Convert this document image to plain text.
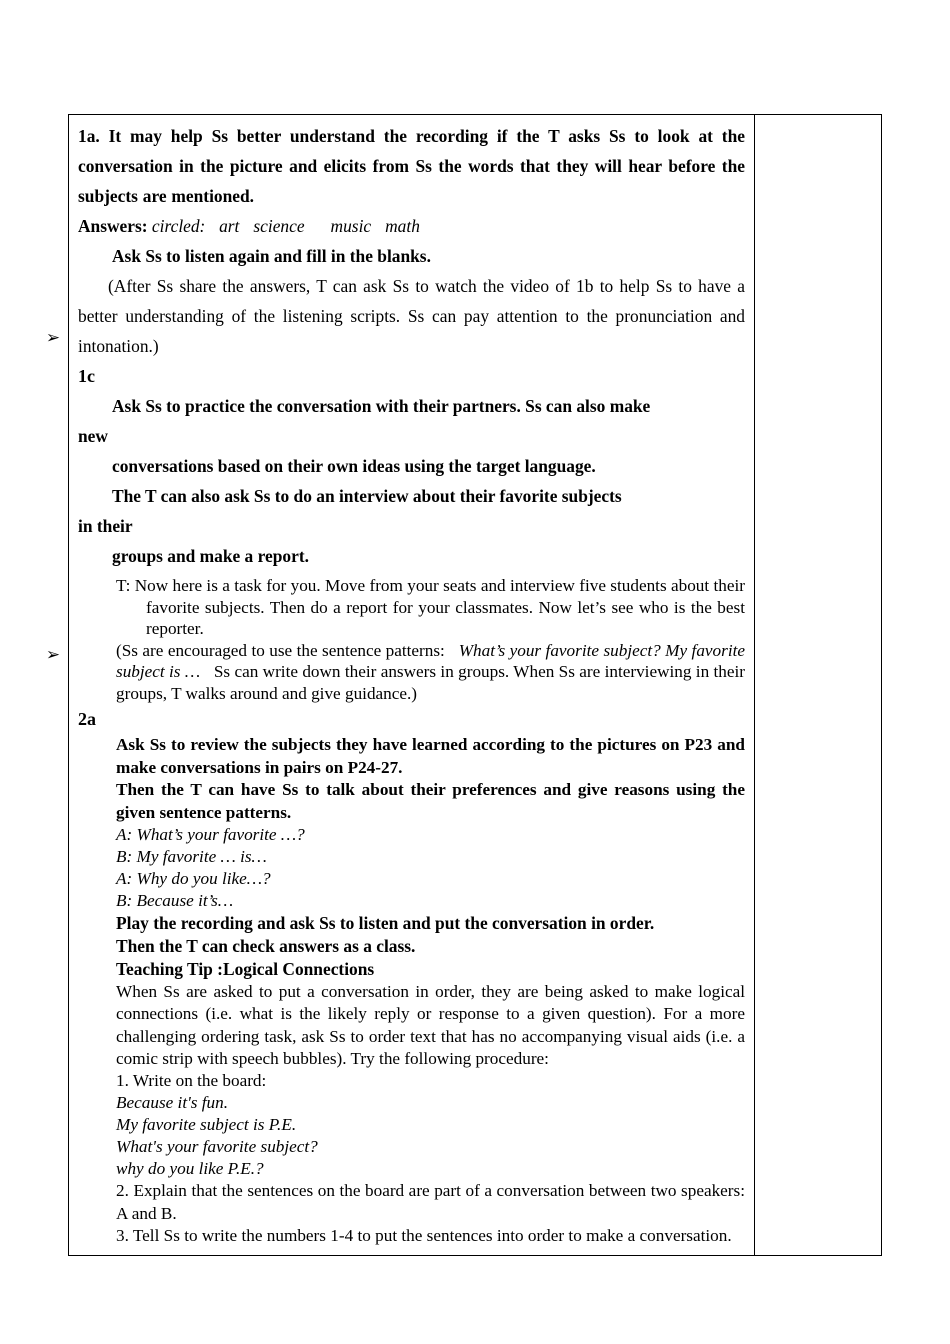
➢
➢

1a. It may help Ss better understand the recording if the T asks Ss to look at the conversation in the picture and elicits from Ss the words that they will hear before the subjects are mentioned.

Answers: circled: art science music math

Ask Ss to listen again and fill in the blanks.

(After Ss share the answers, T can ask Ss to watch the video of 1b to help Ss to have a better understanding of the listening scripts. Ss can pay attention to the pronunciation and intonation.)

1c

Ask Ss to practice the conversation with their partners. Ss can also make

new

conversations based on their own ideas using the target language.

The T can also ask Ss to do an interview about their favorite subjects

in their

groups and make a report.

T: Now here is a task for you. Move from your seats and interview five students about their favorite subjects. Then do a report for your classmates. Now let’s see who is the best reporter.

(Ss are encouraged to use the sentence patterns: What’s your favorite subject? My favorite subject is … Ss can write down their answers in groups. When Ss are interviewing in their groups, T walks around and give guidance.)

2a

Ask Ss to review the subjects they have learned according to the pictures on P23 and make conversations in pairs on P24-27.

Then the T can have Ss to talk about their preferences and give reasons using the given sentence patterns.

A: What’s your favorite …?

B: My favorite … is…

A: Why do you like…?

B: Because it’s…

Play the recording and ask Ss to listen and put the conversation in order.

Then the T can check answers as a class.

Teaching Tip :Logical Connections

When Ss are asked to put a conversation in order, they are being asked to make logical connections (i.e. what is the likely reply or response to a given question). For a more challenging ordering task, ask Ss to order text that has no accompanying visual aids (i.e. a comic strip with speech bubbles). Try the following procedure:

1. Write on the board:

Because it's fun.

My favorite subject is P.E.

What's your favorite subject?

why do you like P.E.?

2. Explain that the sentences on the board are part of a conversation between two speakers: A and B.

3. Tell Ss to write the numbers 1-4 to put the sentences into order to make a conversation.
